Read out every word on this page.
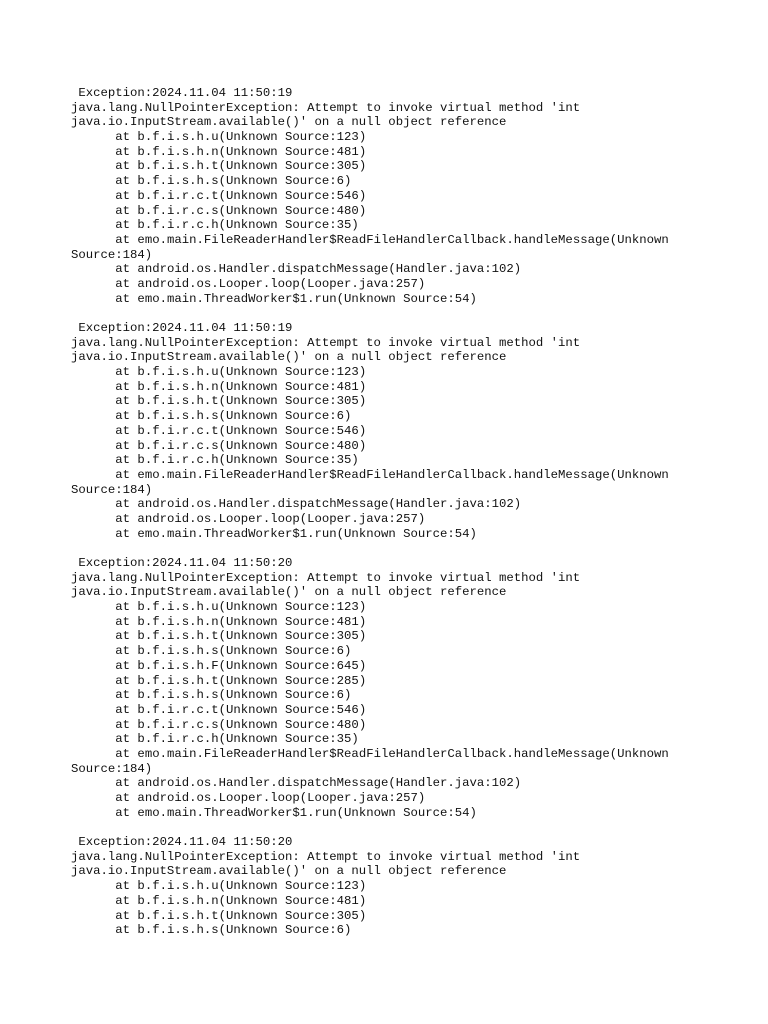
Exception:2024.11.04 11:50:19
java.lang.NullPointerException: Attempt to invoke virtual method 'int
java.io.InputStream.available()' on a null object reference
at b.f.i.s.h.u(Unknown Source:123)
at b.f.i.s.h.n(Unknown Source:481)
at b.f.i.s.h.t(Unknown Source:305)
at b.f.i.s.h.s(Unknown Source:6)
at b.f.i.r.c.t(Unknown Source:546)
at b.f.i.r.c.s(Unknown Source:480)
at b.f.i.r.c.h(Unknown Source:35)
at emo.main.FileReaderHandler$ReadFileHandlerCallback.handleMessage(Unknown
Source:184)
at android.os.Handler.dispatchMessage(Handler.java:102)
at android.os.Looper.loop(Looper.java:257)
at emo.main.ThreadWorker$1.run(Unknown Source:54)
Exception:2024.11.04 11:50:19
java.lang.NullPointerException: Attempt to invoke virtual method 'int
java.io.InputStream.available()' on a null object reference
at b.f.i.s.h.u(Unknown Source:123)
at b.f.i.s.h.n(Unknown Source:481)
at b.f.i.s.h.t(Unknown Source:305)
at b.f.i.s.h.s(Unknown Source:6)
at b.f.i.r.c.t(Unknown Source:546)
at b.f.i.r.c.s(Unknown Source:480)
at b.f.i.r.c.h(Unknown Source:35)
at emo.main.FileReaderHandler$ReadFileHandlerCallback.handleMessage(Unknown
Source:184)
at android.os.Handler.dispatchMessage(Handler.java:102)
at android.os.Looper.loop(Looper.java:257)
at emo.main.ThreadWorker$1.run(Unknown Source:54)
Exception:2024.11.04 11:50:20
java.lang.NullPointerException: Attempt to invoke virtual method 'int
java.io.InputStream.available()' on a null object reference
at b.f.i.s.h.u(Unknown Source:123)
at b.f.i.s.h.n(Unknown Source:481)
at b.f.i.s.h.t(Unknown Source:305)
at b.f.i.s.h.s(Unknown Source:6)
at b.f.i.s.h.F(Unknown Source:645)
at b.f.i.s.h.t(Unknown Source:285)
at b.f.i.s.h.s(Unknown Source:6)
at b.f.i.r.c.t(Unknown Source:546)
at b.f.i.r.c.s(Unknown Source:480)
at b.f.i.r.c.h(Unknown Source:35)
at emo.main.FileReaderHandler$ReadFileHandlerCallback.handleMessage(Unknown
Source:184)
at android.os.Handler.dispatchMessage(Handler.java:102)
at android.os.Looper.loop(Looper.java:257)
at emo.main.ThreadWorker$1.run(Unknown Source:54)
Exception:2024.11.04 11:50:20
java.lang.NullPointerException: Attempt to invoke virtual method 'int
java.io.InputStream.available()' on a null object reference
at b.f.i.s.h.u(Unknown Source:123)
at b.f.i.s.h.n(Unknown Source:481)
at b.f.i.s.h.t(Unknown Source:305)
at b.f.i.s.h.s(Unknown Source:6)
